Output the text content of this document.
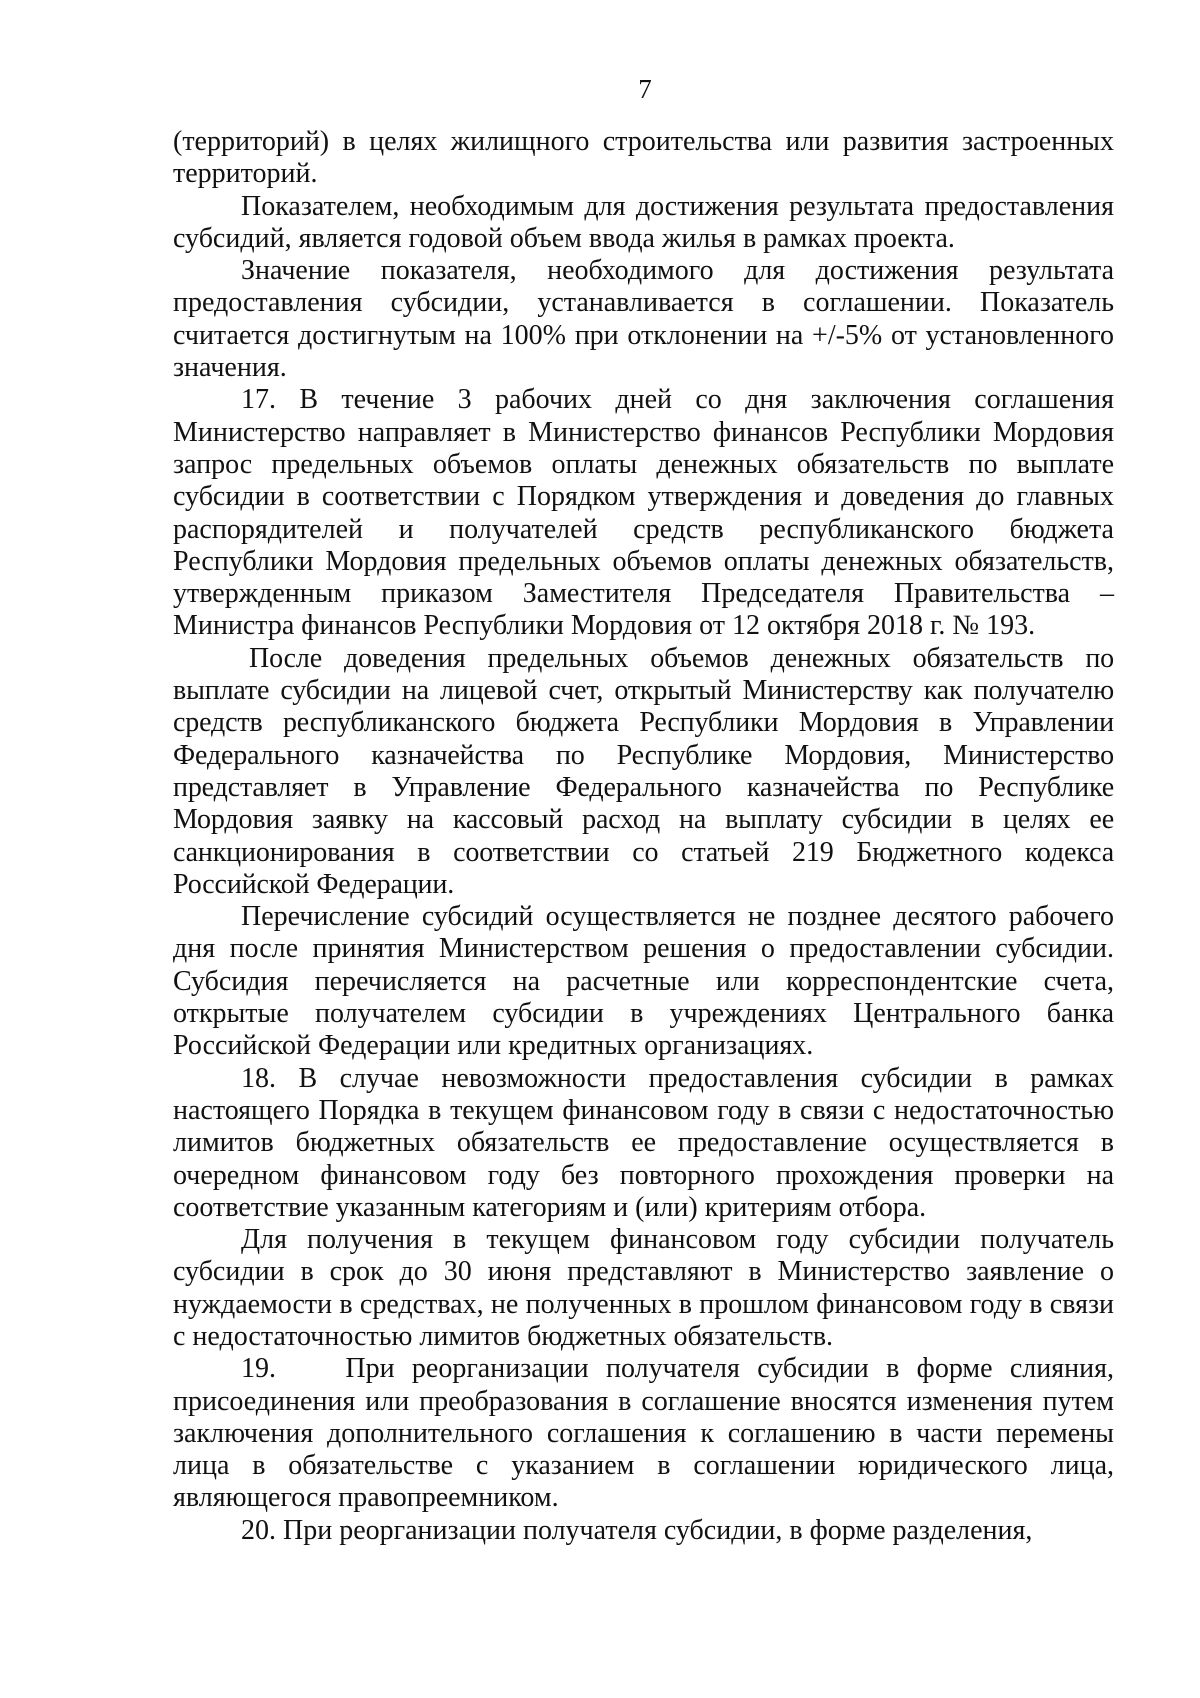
7

(территорий) в целях жилищного строительства или развития застроенных территорий.

Показателем, необходимым для достижения результата предоставления субсидий, является годовой объем ввода жилья в рамках проекта.

Значение показателя, необходимого для достижения результата предоставления субсидии, устанавливается в соглашении. Показатель считается достигнутым на 100% при отклонении на +/-5% от установленного значения.

17. В течение 3 рабочих дней со дня заключения соглашения Министерство направляет в Министерство финансов Республики Мордовия запрос предельных объемов оплаты денежных обязательств по выплате субсидии в соответствии с Порядком утверждения и доведения до главных распорядителей и получателей средств республиканского бюджета Республики Мордовия предельных объемов оплаты денежных обязательств, утвержденным приказом Заместителя Председателя Правительства – Министра финансов Республики Мордовия от 12 октября 2018 г. № 193.

После доведения предельных объемов денежных обязательств по выплате субсидии на лицевой счет, открытый Министерству как получателю средств республиканского бюджета Республики Мордовия в Управлении Федерального казначейства по Республике Мордовия, Министерство представляет в Управление Федерального казначейства по Республике Мордовия заявку на кассовый расход на выплату субсидии в целях ее санкционирования в соответствии со статьей 219 Бюджетного кодекса Российской Федерации.

Перечисление субсидий осуществляется не позднее десятого рабочего дня после принятия Министерством решения о предоставлении субсидии. Субсидия перечисляется на расчетные или корреспондентские счета, открытые получателем субсидии в учреждениях Центрального банка Российской Федерации или кредитных организациях.

18. В случае невозможности предоставления субсидии в рамках настоящего Порядка в текущем финансовом году в связи с недостаточностью лимитов бюджетных обязательств ее предоставление осуществляется в очередном финансовом году без повторного прохождения проверки на соответствие указанным категориям и (или) критериям отбора.

Для получения в текущем финансовом году субсидии получатель субсидии в срок до 30 июня представляют в Министерство заявление о нуждаемости в средствах, не полученных в прошлом финансовом году в связи с недостаточностью лимитов бюджетных обязательств.

19.    При реорганизации получателя субсидии в форме слияния, присоединения или преобразования в соглашение вносятся изменения путем заключения дополнительного соглашения к соглашению в части перемены лица в обязательстве с указанием в соглашении юридического лица, являющегося правопреемником.

20. При реорганизации получателя субсидии, в форме разделения,
